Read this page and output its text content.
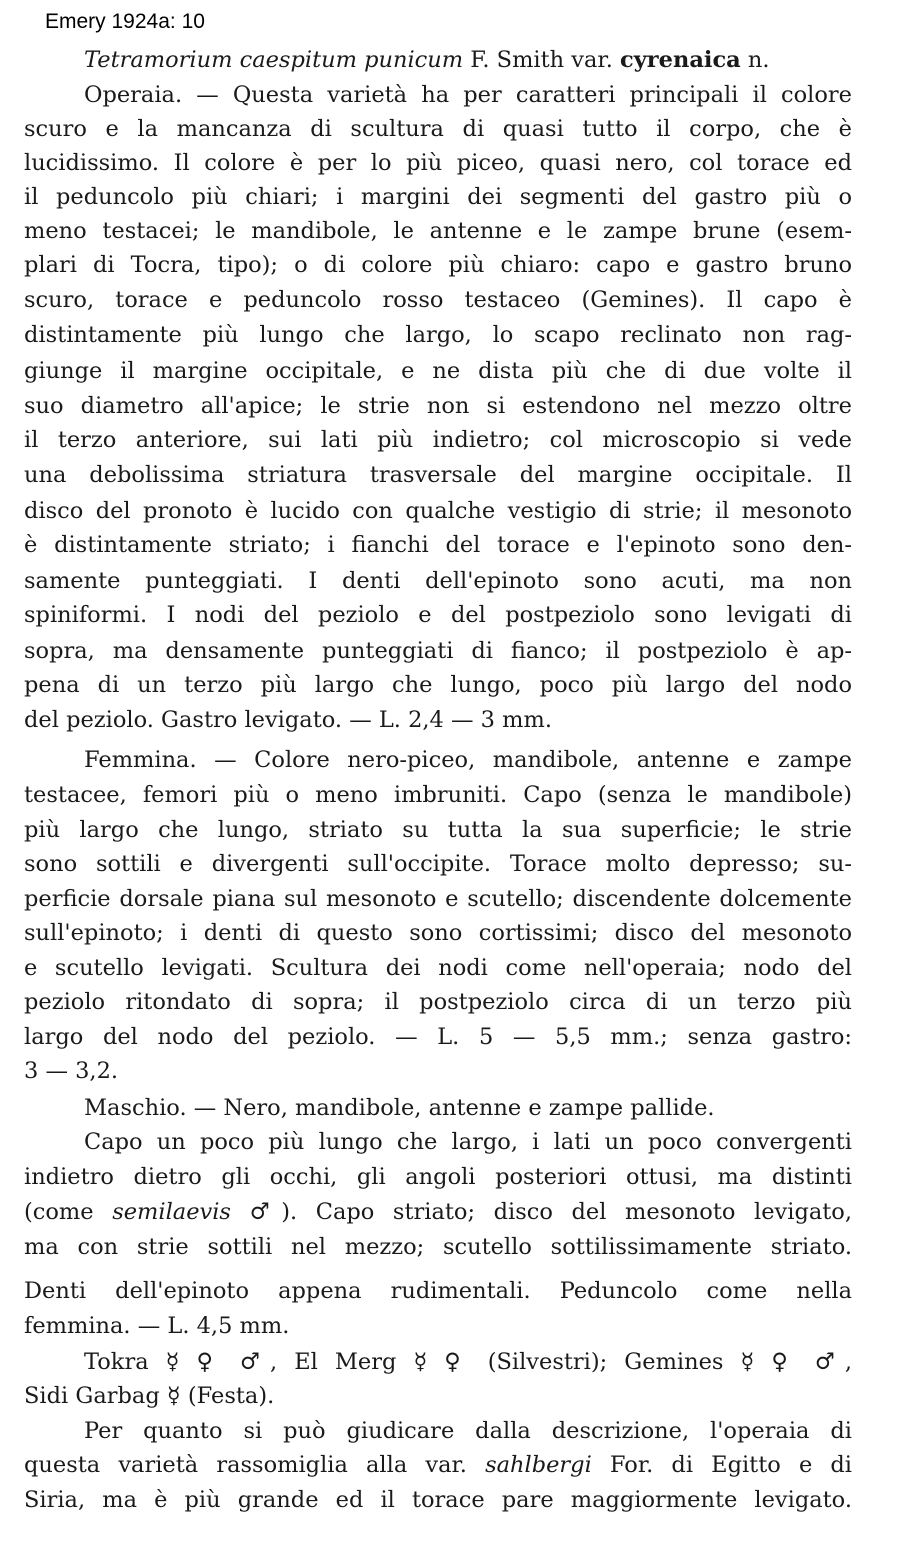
Emery 1924a: 10
Tetramorium caespitum punicum F. Smith var. cyrenaica n.
Operaia. — Questa varietà ha per caratteri principali il colore
scuro e la mancanza di scultura di quasi tutto il corpo, che è
lucidissimo. Il colore è per lo più piceo, quasi nero, col torace ed
il peduncolo più chiari; i margini dei segmenti del gastro più o
meno testacei; le mandibole, le antenne e le zampe brune (esem-
plari di Tocra, tipo); o di colore più chiaro: capo e gastro bruno
scuro, torace e peduncolo rosso testaceo (Gemines). Il capo è
distintamente più lungo che largo, lo scapo reclinato non rag-
giunge il margine occipitale, e ne dista più che di due volte il
suo diametro all'apice; le strie non si estendono nel mezzo oltre
il terzo anteriore, sui lati più indietro; col microscopio si vede
una debolissima striatura trasversale del margine occipitale. Il
disco del pronoto è lucido con qualche vestigio di strie; il mesonoto
è distintamente striato; i fianchi del torace e l'epinoto sono den-
samente punteggiati. I denti dell'epinoto sono acuti, ma non
spiniformi. I nodi del peziolo e del postpeziolo sono levigati di
sopra, ma densamente punteggiati di fianco; il postpeziolo è ap-
pena di un terzo più largo che lungo, poco più largo del nodo
del peziolo. Gastro levigato. — L. 2,4 — 3 mm.
Femmina. — Colore nero-piceo, mandibole, antenne e zampe
testacee, femori più o meno imbruniti. Capo (senza le mandibole)
più largo che lungo, striato su tutta la sua superficie; le strie
sono sottili e divergenti sull'occipite. Torace molto depresso; su-
perficie dorsale piana sul mesonoto e scutello; discendente dolcemente
sull'epinoto; i denti di questo sono cortissimi; disco del mesonoto
e scutello levigati. Scultura dei nodi come nell'operaia; nodo del
peziolo ritondato di sopra; il postpeziolo circa di un terzo più
largo del nodo del peziolo. — L. 5 — 5,5 mm.; senza gastro:
3 — 3,2.
Maschio. — Nero, mandibole, antenne e zampe pallide.
Capo un poco più lungo che largo, i lati un poco convergenti
indietro dietro gli occhi, gli angoli posteriori ottusi, ma distinti
(come semilaevis ♂). Capo striato; disco del mesonoto levigato,
ma con strie sottili nel mezzo; scutello sottilissimamente striato.
Denti dell'epinoto appena rudimentali. Peduncolo come nella
femmina. — L. 4,5 mm.
Tokra ☿ ♀ ♂, El Merg ☿ ♀ (Silvestri); Gemines ☿ ♀ ♂,
Sidi Garbag ☿ (Festa).
Per quanto si può giudicare dalla descrizione, l'operaia di
questa varietà rassomiglia alla var. sahlbergi For. di Egitto e di
Siria, ma è più grande ed il torace pare maggiormente levigato.
